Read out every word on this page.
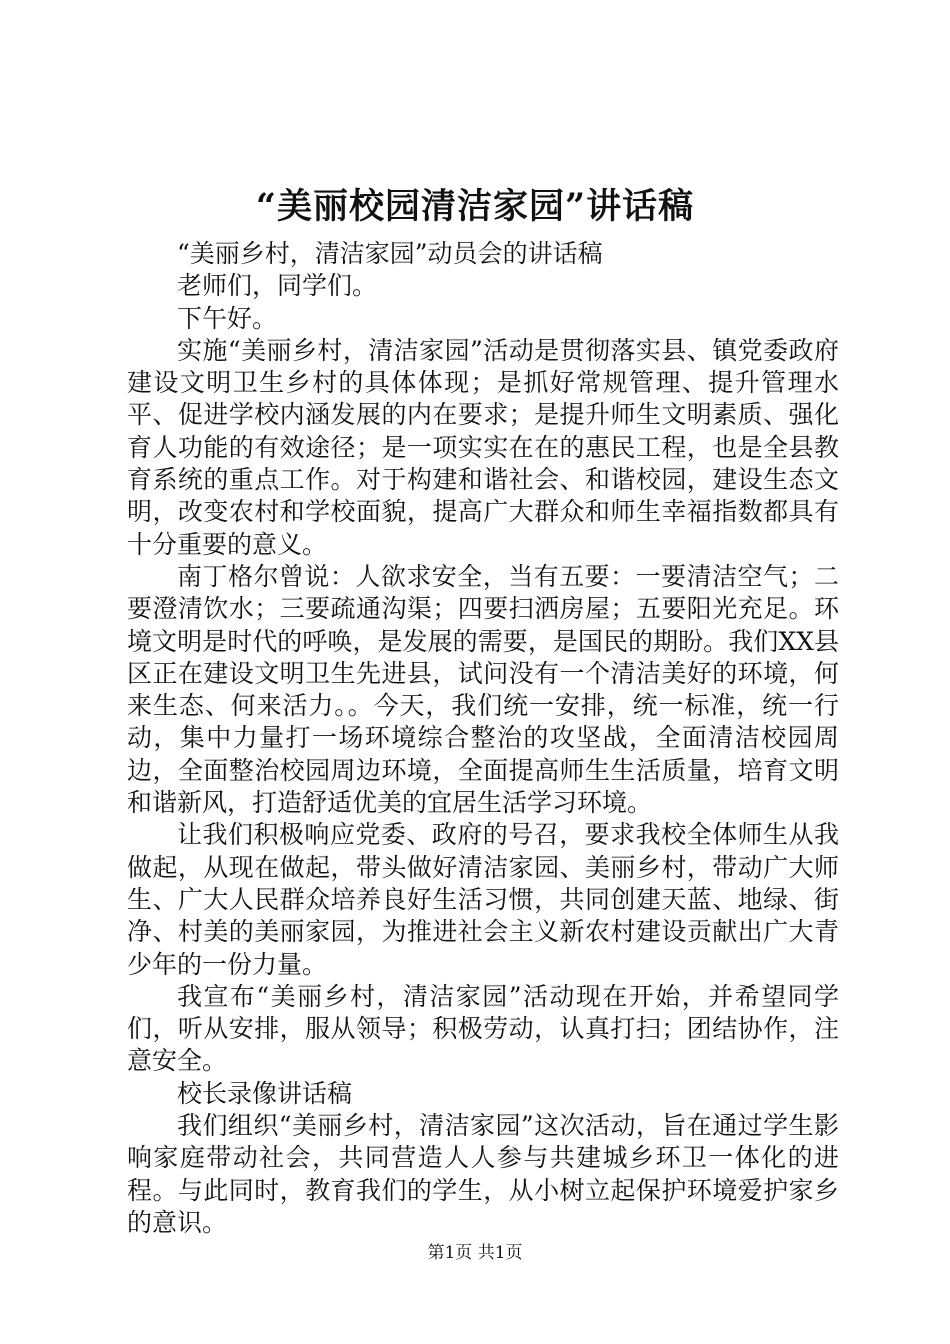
“美丽校园清洁家园”讲话稿

“美丽乡村，清洁家园”动员会的讲话稿

老师们，同学们。

下午好。

实施“美丽乡村，清洁家园”活动是贯彻落实县、镇党委政府建设文明卫生乡村的具体体现；是抓好常规管理、提升管理水平、促进学校内涵发展的内在要求；是提升师生文明素质、强化育人功能的有效途径；是一项实实在在的惠民工程，也是全县教育系统的重点工作。对于构建和谐社会、和谐校园，建设生态文明，改变农村和学校面貌，提高广大群众和师生幸福指数都具有十分重要的意义。

南丁格尔曾说：人欲求安全，当有五要：一要清洁空气；二要澄清饮水；三要疏通沟渠；四要扫洒房屋；五要阳光充足。环境文明是时代的呼唤，是发展的需要，是国民的期盼。我们XX县区正在建设文明卫生先进县，试问没有一个清洁美好的环境，何来生态、何来活力。。今天，我们统一安排，统一标准，统一行动，集中力量打一场环境综合整治的攻坚战，全面清洁校园周边，全面整治校园周边环境，全面提高师生生活质量，培育文明和谐新风，打造舒适优美的宜居生活学习环境。

让我们积极响应党委、政府的号召，要求我校全体师生从我做起，从现在做起，带头做好清洁家园、美丽乡村，带动广大师生、广大人民群众培养良好生活习惯，共同创建天蓝、地绿、街净、村美的美丽家园，为推进社会主义新农村建设贡献出广大青少年的一份力量。

我宣布“美丽乡村，清洁家园”活动现在开始，并希望同学们，听从安排，服从领导；积极劳动，认真打扫；团结协作，注意安全。

校长录像讲话稿

我们组织“美丽乡村，清洁家园”这次活动，旨在通过学生影响家庭带动社会，共同营造人人参与共建城乡环卫一体化的进程。与此同时，教育我们的学生，从小树立起保护环境爱护家乡的意识。

第1页 共1页
